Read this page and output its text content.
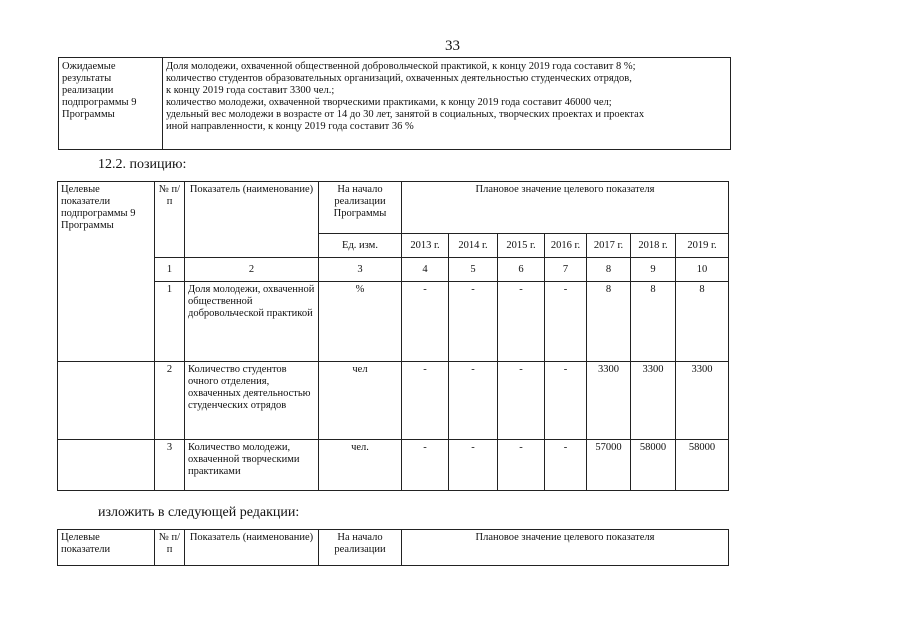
33
Ожидаемые результаты реализации подпрограммы 9 Программы	
Доля молодежи, охваченной общественной добровольческой практикой, к концу 2019 года составит 8 %;
количество студентов образовательных организаций, охваченных деятельностью студенческих отрядов,
к концу 2019 года составит 3300 чел.;
количество молодежи, охваченной творческими практиками, к концу 2019 года составит 46000 чел;
удельный вес молодежи в возрасте от 14 до 30 лет, занятой в социальных, творческих проектах и проектах
иной направленности, к концу 2019 года составит 36 %
12.2. позицию:
Целевые показатели подпрограммы 9 Программы	№ п/п	Показатель (наименование)	На начало реализации Программы	Плановое значение целевого показателя						
			Ед. изм.	2013 г.	2014 г.	2015 г.	2016 г.	2017 г.	2018 г.	2019 г.
	1	2	3	4	5	6	7	8	9	10
	1	Доля молодежи, охваченной общественной добровольческой практикой	%	-	-	-	-	8	8	8
	2	Количество студентов очного отделения, охваченных деятельностью студенческих отрядов	чел	-	-	-	-	3300	3300	3300
	3	Количество молодежи, охваченной творческими практиками	чел.	-	-	-	-	57000	58000	58000
изложить в следующей редакции:
Целевые показатели	№ п/п	Показатель (наименование)	На начало реализации	Плановое значение целевого показателя
